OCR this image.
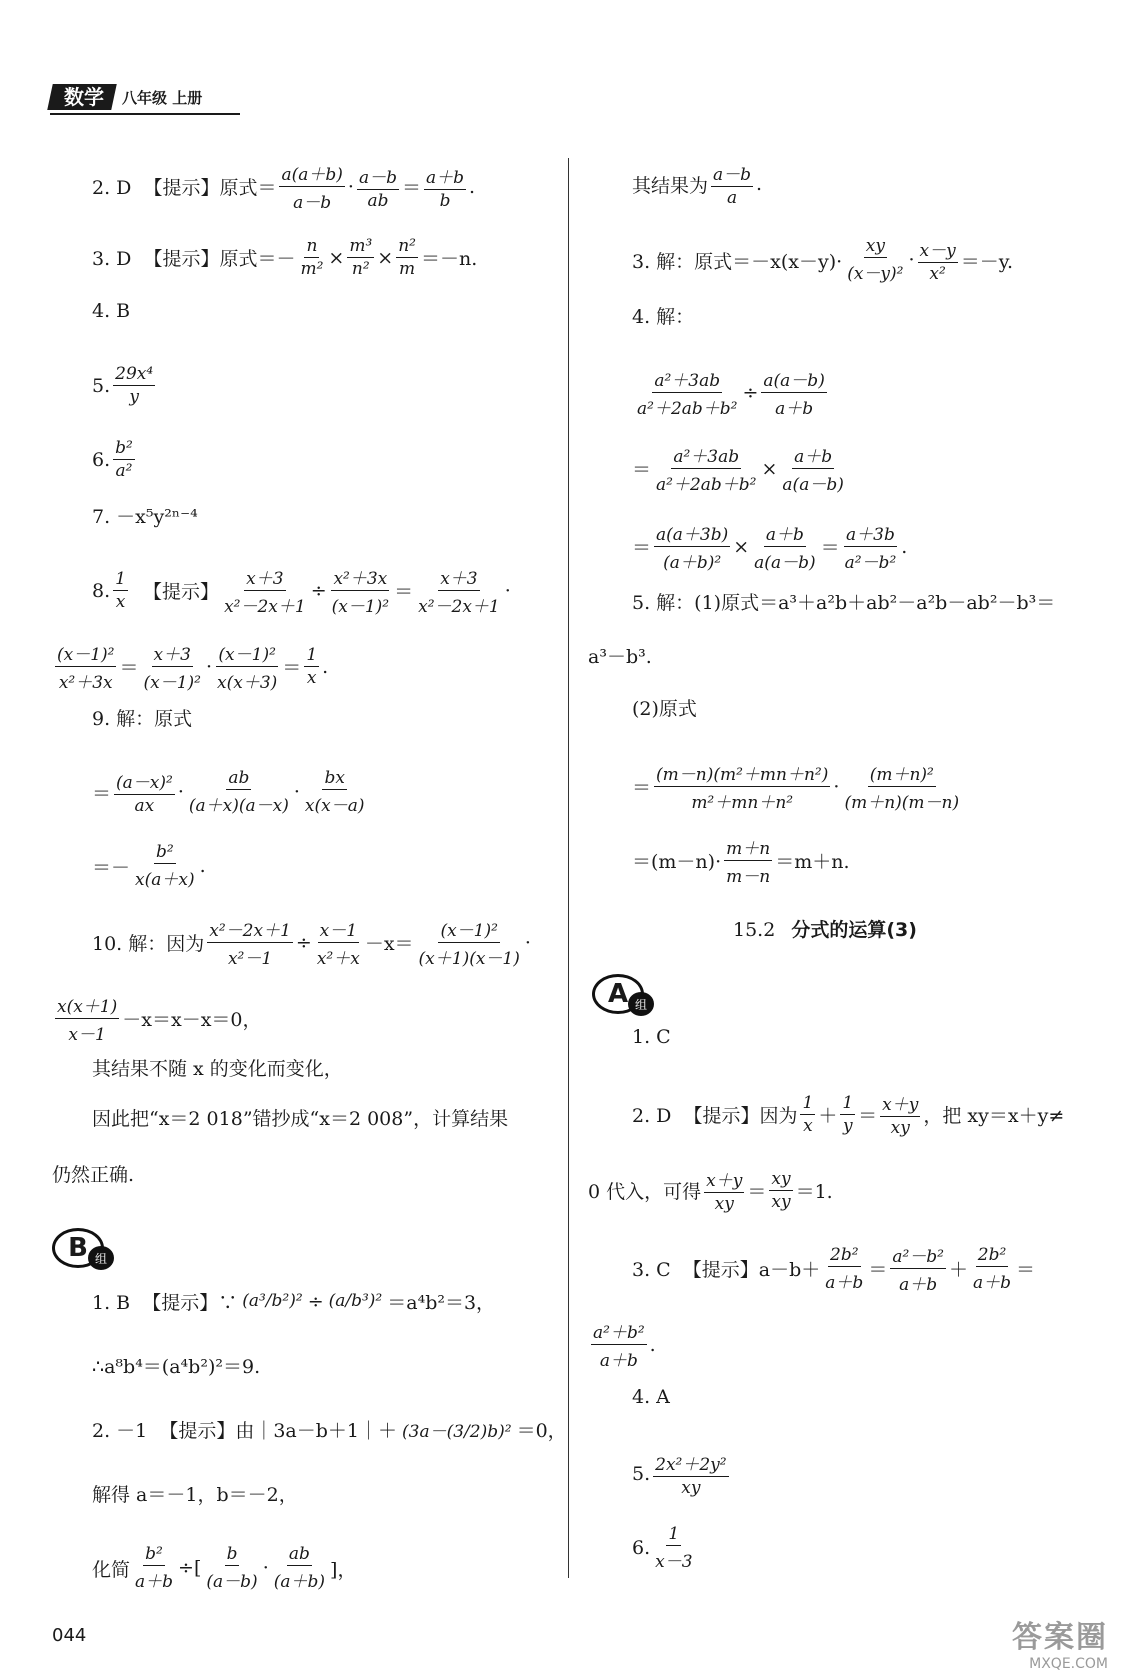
数学	八年级 上册
2. D  【提示】原式＝ $\frac{a(a+b)}{a-b} \cdot \frac{a-b}{ab} = \frac{a+b}{b}$ .
3. D  【提示】原式＝－ $\frac{n}{\text{m²}} \times \frac{\text{m³}}{\text{n²}} \times \frac{\text{n²}}{m} =-n$.
4. B
5. $\frac{\text{29x⁴}}{y}$
6. $\frac{\text{b²}}{\text{a²}}$
7. －x⁵y²ⁿ⁻⁴
8. $\frac{1}{x}$ 【提示】 $\frac{x+3}{\text{x²－2x＋1}} \div \frac{\text{x²＋3x}}{\text{(x－1)²}} = \frac{x+3}{\text{x²－2x＋1}}$ ·
$\frac{\text{(x－1)²}}{\text{x²＋3x}} = \frac{x+3}{\text{(x－1)²}} \cdot \frac{\text{(x－1)²}}{x(x+3)} = \frac{1}{x}$ .
9. 解：原式
＝ $\frac{\text{(a－x)²}}{ax} \cdot \frac{ab}{(a+x)(a-x)} \cdot \frac{bx}{x(x-a)}$
＝－ $\frac{\text{b²}}{x(a+x)}$ .
10. 解：因为 $\frac{\text{x²－2x＋1}}{\text{x²－1}} \div \frac{x-1}{\text{x²＋x}} -x= \frac{\text{(x－1)²}}{(x+1)(x-1)}$ ·
$\frac{x(x+1)}{x-1} -x=x-x=0$，
其结果不随 x 的变化而变化，
因此把“x＝2 018”错抄成“x＝2 008”，计算结果
仍然正确.
1. B  【提示】∵ (a³/b²)² ÷ (a/b³)² ＝a⁴b²＝3，
∴a⁸b⁴＝(a⁴b²)²＝9.
2. －1  【提示】由｜3a－b＋1｜＋ (3a－(3/2)b)² ＝0，
解得 a＝－1，b＝－2，
化简 $\frac{\text{b²}}{a+b}$ ÷[ $\frac{b}{(a-b)} \cdot \frac{ab}{(a+b)}$ ]，
其结果为 $\frac{a-b}{a}$ .
3. 解：原式$=-x(x-y)\cdot \frac{xy}{\text{(x－y)²}} \cdot \frac{x-y}{\text{x²}} =-y$.
4. 解：
$\frac{\text{a²＋3ab}}{\text{a²＋2ab＋b²}} \div \frac{a(a-b)}{a+b}$
＝ $\frac{\text{a²＋3ab}}{\text{a²＋2ab＋b²}} \times \frac{a+b}{a(a-b)}$
＝ $\frac{a(a+3b)}{\text{(a＋b)²}} \times \frac{a+b}{a(a-b)} = \frac{a+3b}{\text{a²－b²}}$ .
5. 解：(1)原式＝a³＋a²b＋ab²－a²b－ab²－b³＝
a³－b³.
(2)原式
＝ $\frac{\text{(m－n)(m²＋mn＋n²)}}{\text{m²＋mn＋n²}} \cdot \frac{\text{(m＋n)²}}{(m+n)(m-n)}$
$=(m-n)\cdot \frac{m+n}{m-n} =m+n$.
1. C
2. D  【提示】因为 $\frac{1}{x} + \frac{1}{y} = \frac{x+y}{xy}$ ，把 xy＝x＋y≠
0 代入，可得 $\frac{x+y}{xy} = \frac{xy}{xy} =1$.
3. C  【提示】$a-b+ \frac{\text{2b²}}{a+b} = \frac{\text{a²－b²}}{a+b} + \frac{\text{2b²}}{a+b}$ ＝
$\frac{\text{a²＋b²}}{a+b}$ .
4. A
5. $\frac{\text{2x²＋2y²}}{xy}$
6. $\frac{1}{x-3}$
B 组
A 组
15.2 分式的运算(3)
044	答案圈
MXQE.COM
